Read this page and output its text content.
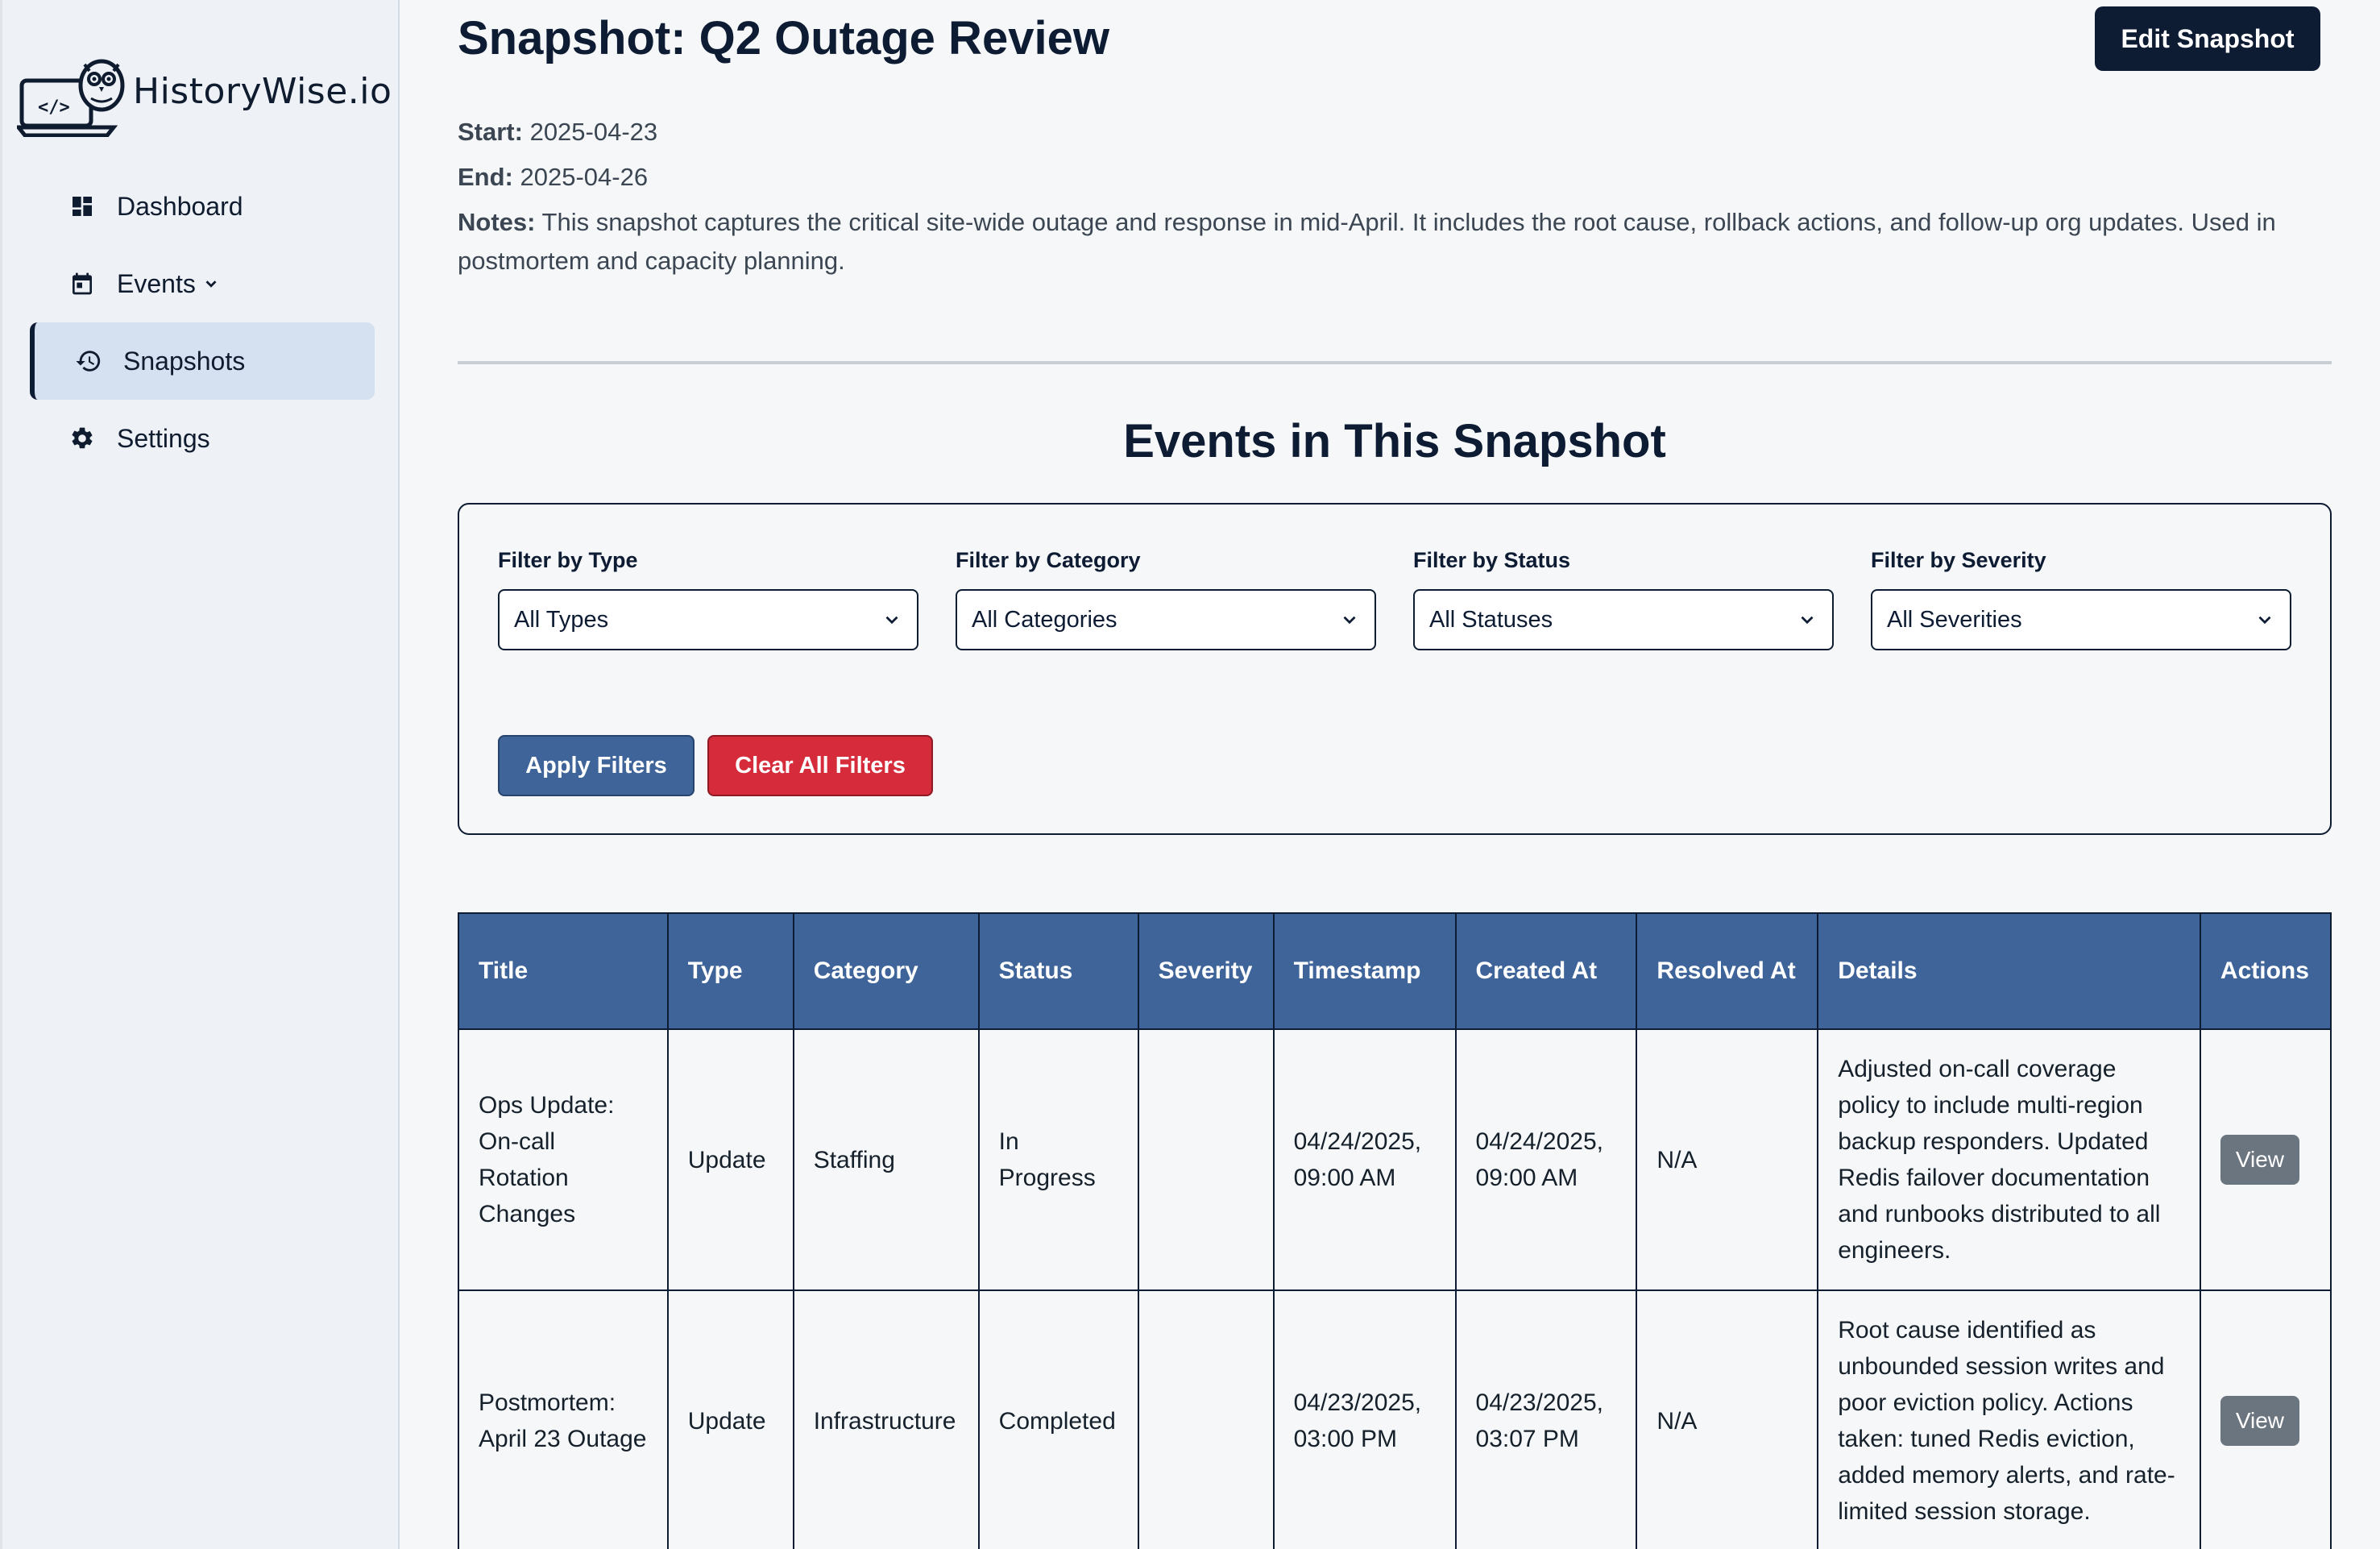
</> HistoryWise.io
Dashboard
Events
Snapshots
Settings
Snapshot: Q2 Outage Review	Edit Snapshot
Start: 2025-04-23
End: 2025-04-26
Notes: This snapshot captures the critical site-wide outage and response in mid-April. It includes the root cause, rollback actions, and follow-up org updates. Used in postmortem and capacity planning.
Events in This Snapshot
Filter by Type
All Types
Filter by Category
All Categories
Filter by Status
All Statuses
Filter by Severity
All Severities
Apply Filters	Clear All Filters
Title	Type	Category	Status	Severity	Timestamp	Created At	Resolved At	Details	Actions
Ops Update: On-call Rotation Changes	Update	Staffing	In Progress		04/24/2025, 09:00 AM	04/24/2025, 09:00 AM	N/A	Adjusted on-call coverage policy to include multi-region backup responders. Updated Redis failover documentation and runbooks distributed to all engineers.	View
Postmortem: April 23 Outage	Update	Infrastructure	Completed		04/23/2025, 03:00 PM	04/23/2025, 03:07 PM	N/A	Root cause identified as unbounded session writes and poor eviction policy. Actions taken: tuned Redis eviction, added memory alerts, and rate-limited session storage.	View
